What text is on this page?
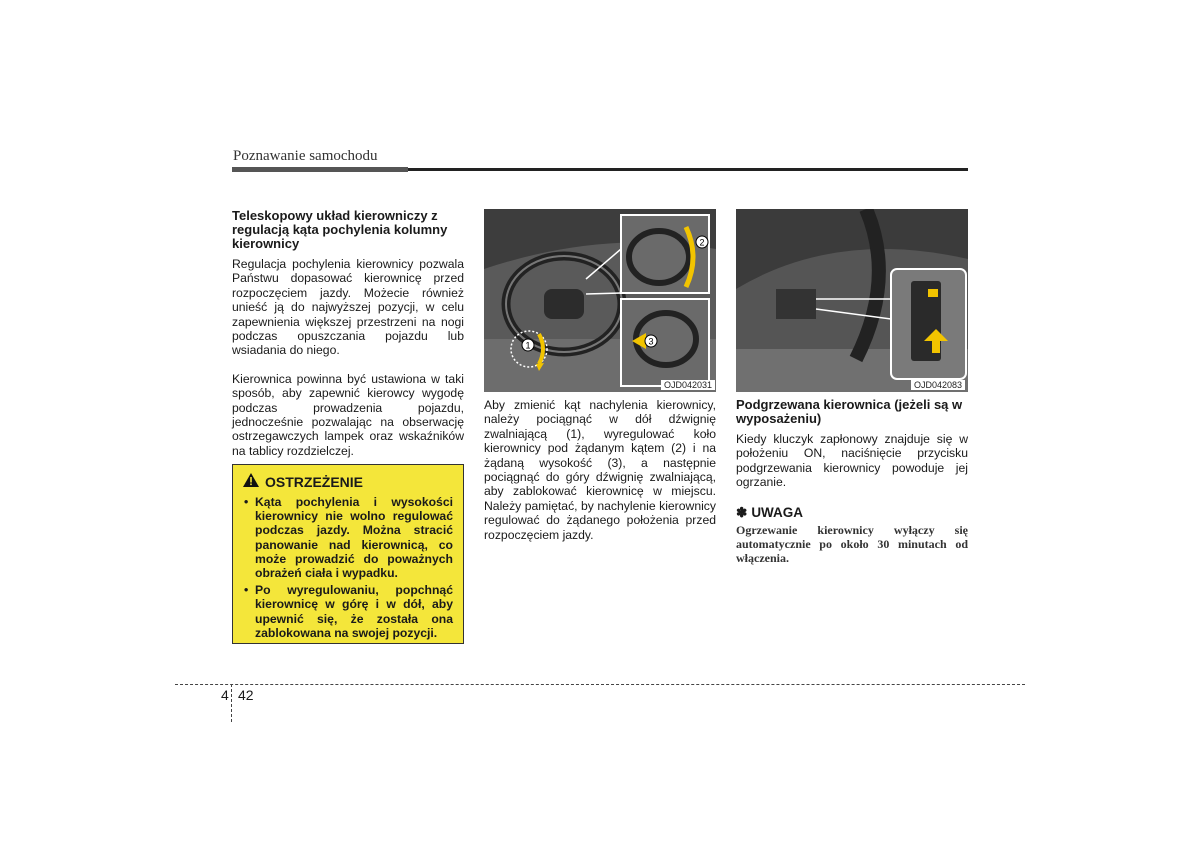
Poznawanie samochodu
Teleskopowy układ kierowniczy z regulacją kąta pochylenia kolumny kierownicy

Regulacja pochylenia kierownicy pozwala Państwu dopasować kierownicę przed rozpoczęciem jazdy. Możecie również unieść ją do najwyższej pozycji, w celu zapewnienia większej przestrzeni na nogi podczas opuszczania pojazdu lub wsiadania do niego.

Kierownica powinna być ustawiona w taki sposób, aby zapewnić kierowcy wygodę podczas prowadzenia pojazdu, jednocześnie pozwalając na obserwację ostrzegawczych lampek oraz wskaźników na tablicy rozdzielczej.

OSTRZEŻENIE
• Kąta pochylenia i wysokości kierownicy nie wolno regulować podczas jazdy. Można stracić panowanie nad kierownicą, co może prowadzić do poważnych obrażeń ciała i wypadku.
• Po wyregulowaniu, popchnąć kierownicę w górę i w dół, aby upewnić się, że została ona zablokowana na swojej pozycji.
1
2
3
OJD042031

Aby zmienić kąt nachylenia kierownicy, należy pociągnąć w dół dźwignię zwalniającą (1), wyregulować koło kierownicy pod żądanym kątem (2) i na żądaną wysokość (3), a następnie pociągnąć do góry dźwignię zwalniającą, aby zablokować kierownicę w miejscu. Należy pamiętać, by nachylenie kierownicy regulować do żądanego położenia przed rozpoczęciem jazdy.

OJD042083
Podgrzewana kierownica (jeżeli są w wyposażeniu)

Kiedy kluczyk zapłonowy znajduje się w położeniu ON, naciśnięcie przycisku podgrzewania kierownicy powoduje jej ogrzanie.

✽ UWAGA

Ogrzewanie kierownicy wyłączy się automatycznie po około 30 minutach od włączenia.

4 42
